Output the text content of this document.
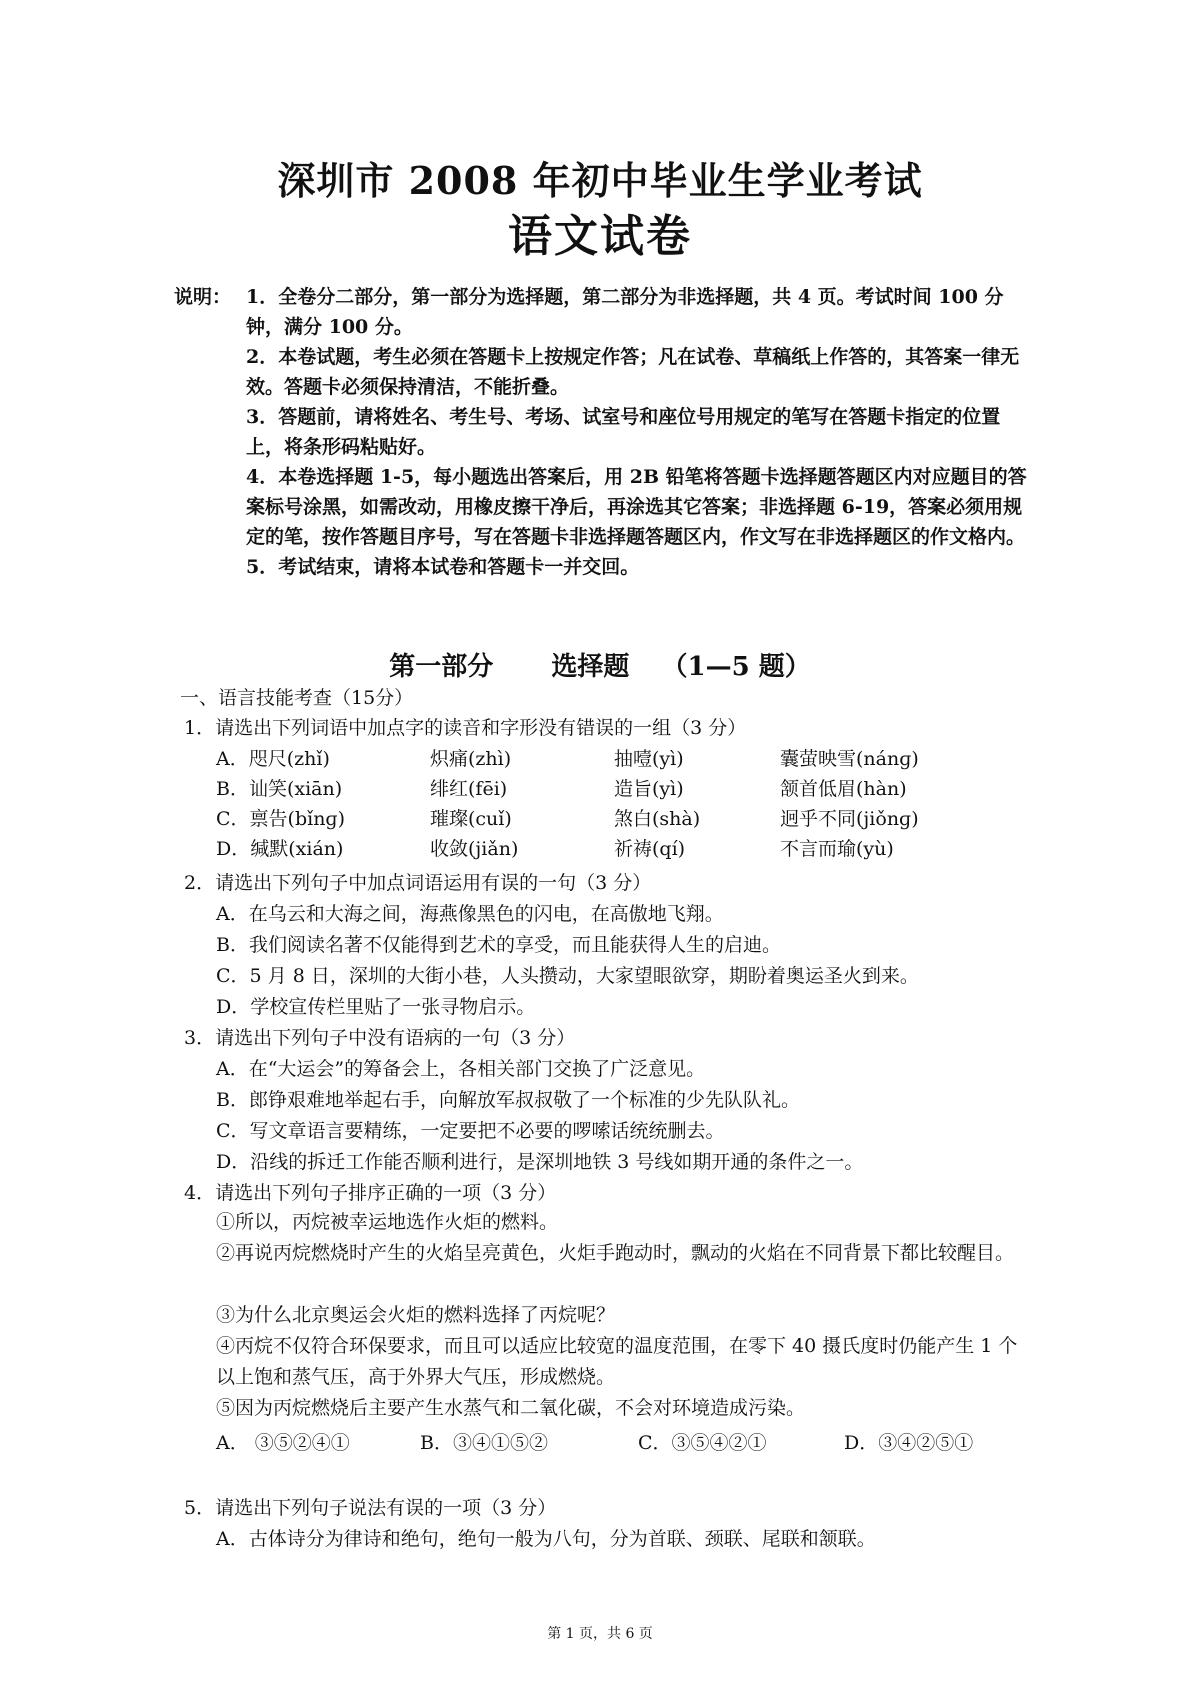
深圳市 2008 年初中毕业生学业考试
语文试卷
说明： 1．全卷分二部分，第一部分为选择题，第二部分为非选择题，共 4 页。考试时间 100 分钟，满分 100 分。
2．本卷试题，考生必须在答题卡上按规定作答；凡在试卷、草稿纸上作答的，其答案一律无效。答题卡必须保持清洁，不能折叠。
3．答题前，请将姓名、考生号、考场、试室号和座位号用规定的笔写在答题卡指定的位置上，将条形码粘贴好。
4．本卷选择题 1-5，每小题选出答案后，用 2B 铅笔将答题卡选择题答题区内对应题目的答案标号涂黑，如需改动，用橡皮擦干净后，再涂选其它答案；非选择题 6-19，答案必须用规定的笔，按作答题目序号，写在答题卡非选择题答题区内，作文写在非选择题区的作文格内。
5．考试结束，请将本试卷和答题卡一并交回。
第一部分 选择题 （1—5 题）
一、语言技能考查（15分）
1．请选出下列词语中加点字的读音和字形没有错误的一组（3 分）
A．咫尺(zhǐ)	炽痛(zhì)	抽噎(yì)	囊萤映雪(nánɡ)
B．讪笑(xiān)	绯红(fēi)	造旨(yì)	颔首低眉(hàn)
C．禀告(bǐnɡ)	璀璨(cuǐ)	煞白(shà)	迥乎不同(jiǒnɡ)
D．缄默(xián)	收敛(jiǎn)	祈祷(qí)	不言而瑜(yù)
2．请选出下列句子中加点词语运用有误的一句（3 分）
A．在乌云和大海之间，海燕像黑色的闪电，在高傲地飞翔。
B．我们阅读名著不仅能得到艺术的享受，而且能获得人生的启迪。
C．5 月 8 日，深圳的大街小巷，人头攒动，大家望眼欲穿，期盼着奥运圣火到来。
D．学校宣传栏里贴了一张寻物启示。
3．请选出下列句子中没有语病的一句（3 分）
A．在“大运会”的筹备会上，各相关部门交换了广泛意见。
B．郎铮艰难地举起右手，向解放军叔叔敬了一个标准的少先队队礼。
C．写文章语言要精练，一定要把不必要的啰嗦话统统删去。
D．沿线的拆迁工作能否顺利进行，是深圳地铁 3 号线如期开通的条件之一。
4．请选出下列句子排序正确的一项（3 分）
①所以，丙烷被幸运地选作火炬的燃料。
②再说丙烷燃烧时产生的火焰呈亮黄色，火炬手跑动时，飘动的火焰在不同背景下都比较醒目。
③为什么北京奥运会火炬的燃料选择了丙烷呢？
④丙烷不仅符合环保要求，而且可以适应比较宽的温度范围，在零下 40 摄氏度时仍能产生 1 个以上饱和蒸气压，高于外界大气压，形成燃烧。
⑤因为丙烷燃烧后主要产生水蒸气和二氧化碳，不会对环境造成污染。
A． ③⑤②④①	B．③④①⑤②	C．③⑤④②①	D．③④②⑤①
5．请选出下列句子说法有误的一项（3 分）
A．古体诗分为律诗和绝句，绝句一般为八句，分为首联、颈联、尾联和颔联。
第 1 页，共 6 页
